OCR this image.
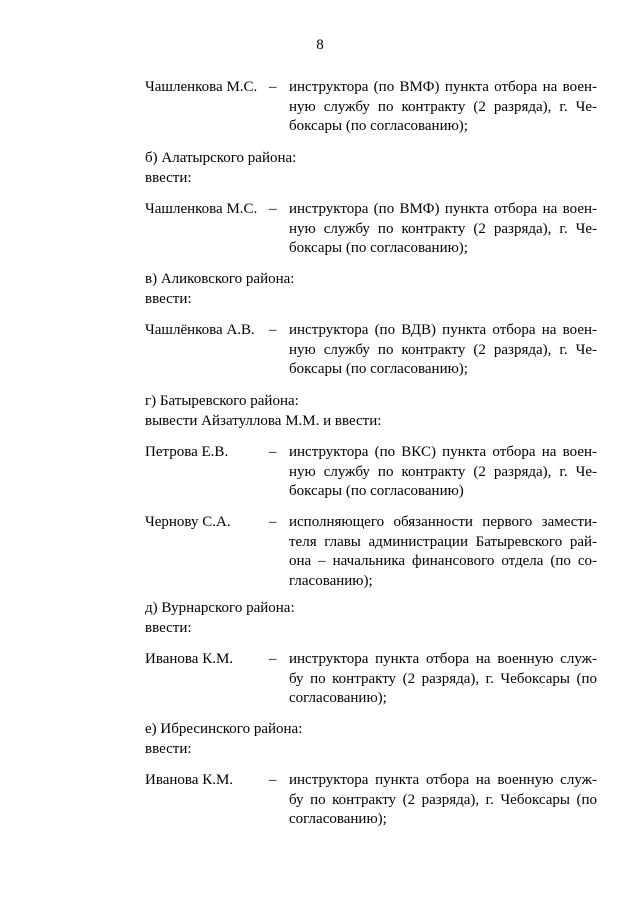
8
Чашленкова М.С. – инструктора (по ВМФ) пункта отбора на воен-
ную службу по контракту (2 разряда), г. Че-
боксары (по согласованию);
б) Алатырского района:
ввести:
Чашленкова М.С. – инструктора (по ВМФ) пункта отбора на воен-
ную службу по контракту (2 разряда), г. Че-
боксары (по согласованию);
в) Аликовского района:
ввести:
Чашлёнкова А.В. – инструктора (по ВДВ) пункта отбора на воен-
ную службу по контракту (2 разряда), г. Че-
боксары (по согласованию);
г) Батыревского района:
вывести Айзатуллова М.М. и ввести:
Петрова Е.В.	– инструктора (по ВКС) пункта отбора на воен-
ную службу по контракту (2 разряда), г. Че-
боксары (по согласованию)
Чернову С.А.	– исполняющего обязанности первого замести-
теля главы администрации Батыревского рай-
она – начальника финансового отдела (по со-
гласованию);
д) Вурнарского района:
ввести:
Иванова К.М. – инструктора пункта отбора на военную служ-
бу по контракту (2 разряда), г. Чебоксары (по
согласованию);
е) Ибресинского района:
ввести:
Иванова К.М. – инструктора пункта отбора на военную служ-
бу по контракту (2 разряда), г. Чебоксары (по
согласованию);
